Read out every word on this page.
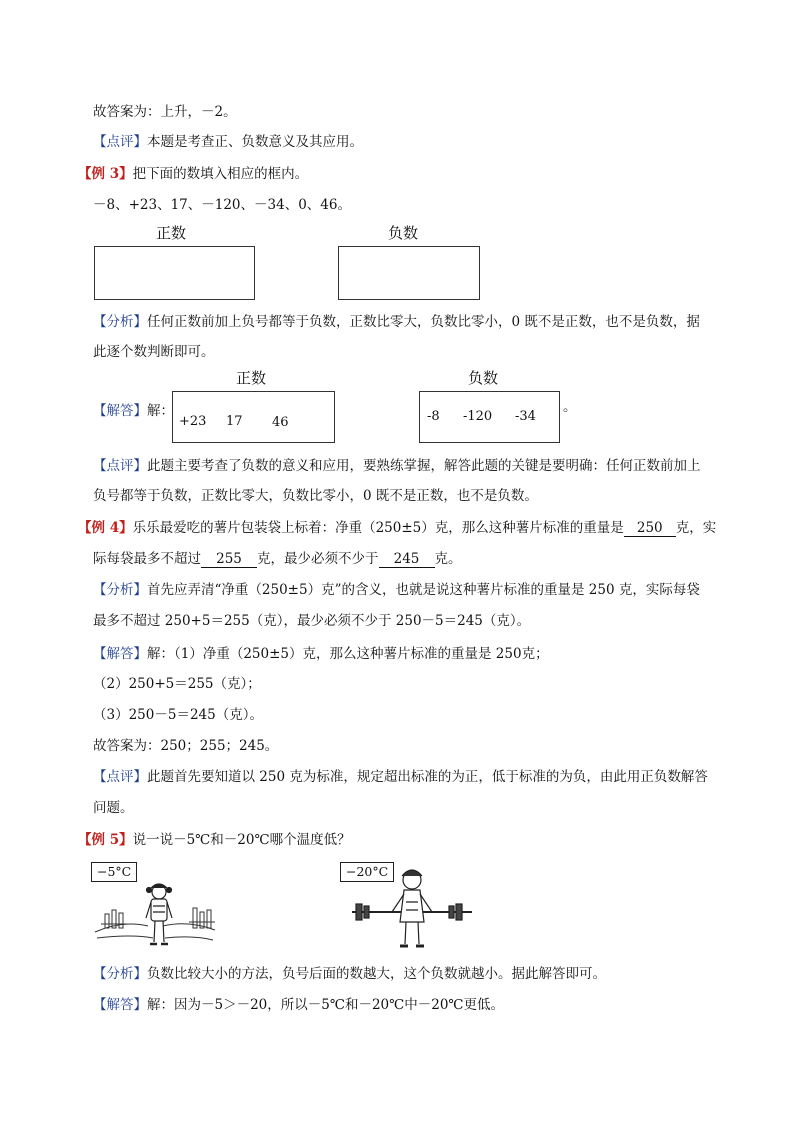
故答案为：上升，－2。
【点评】本题是考查正、负数意义及其应用。
【例 3】把下面的数填入相应的框内。
－8、+23、17、－120、－34、0、46。
正数	负数
【分析】任何正数前加上负号都等于负数，正数比零大，负数比零小，0 既不是正数，也不是负数，据
此逐个数判断即可。
正数	负数
【解答】解：
+23 17 46	-8 -120 -34
。
【点评】此题主要考查了负数的意义和应用，要熟练掌握，解答此题的关键是要明确：任何正数前加上
负号都等于负数，正数比零大，负数比零小，0 既不是正数，也不是负数。
【例 4】乐乐最爱吃的薯片包装袋上标着：净重（250±5）克，那么这种薯片标准的重量是 250 克，实
际每袋最多不超过 255 克，最少必须不少于 245 克。
【分析】首先应弄清“净重（250±5）克”的含义，也就是说这种薯片标准的重量是 250 克，实际每袋
最多不超过 250+5＝255（克），最少必须不少于 250－5＝245（克）。
【解答】解：（1）净重（250±5）克，那么这种薯片标准的重量是 250克；
（2）250+5＝255（克）；
（3）250－5＝245（克）。
故答案为：250；255；245。
【点评】此题首先要知道以 250 克为标准，规定超出标准的为正，低于标准的为负，由此用正负数解答
问题。
【例 5】说一说－5℃和－20℃哪个温度低？
−5°C	−20°C
【分析】负数比较大小的方法，负号后面的数越大，这个负数就越小。据此解答即可。
【解答】解：因为－5＞－20，所以－5℃和－20℃中－20℃更低。
